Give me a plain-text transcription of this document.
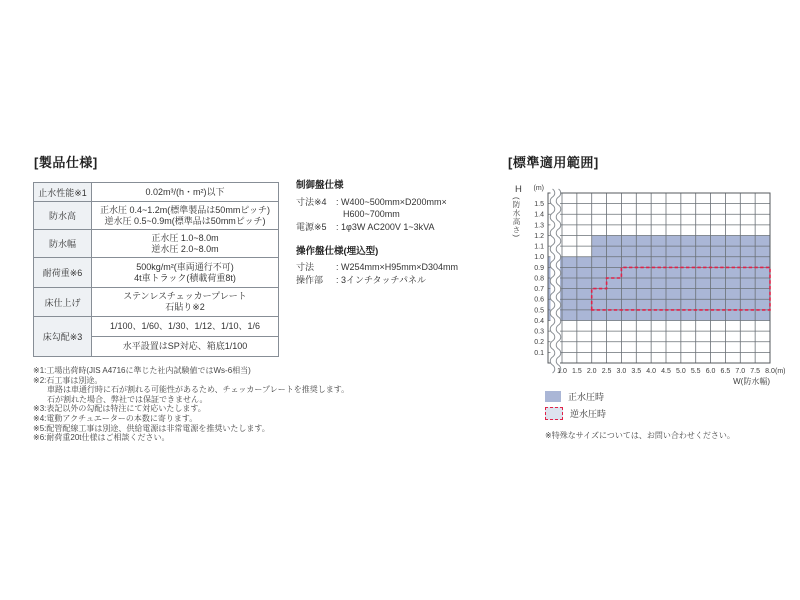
[製品仕様]
止水性能※1	0.02m³/(h・m²)以下

防水高	正水圧 0.4~1.2m(標準製品は50mmピッチ)
逆水圧 0.5~0.9m(標準品は50mmピッチ)

防水幅	正水圧 1.0~8.0m
逆水圧 2.0~8.0m

耐荷重※6	500kg/m²(車両通行不可)
4t車トラック(積載荷重8t)

床仕上げ	ステンレスチェッカープレート
石貼り※2

床勾配※3	1/100、1/60、1/30、1/12、1/10、1/6

	水平設置はSP対応、箱底1/100
※1:工場出荷時(JIS A4716に準じた社内試験値ではWs-6相当)
※2:石工事は別途。
車路は車通行時に石が割れる可能性があるため、チェッカープレートを推奨します。
石が割れた場合、弊社では保証できません。
※3:表記以外の勾配は特注にて対応いたします。
※4:電動アクチュエーターの本数に寄ります。
※5:配管配線工事は別途、供給電源は非常電源を推奨いたします。
※6:耐荷重20t仕様はご相談ください。
制御盤仕様
寸法※4	: W400~500mm×D200mm×
H600~700mm
電源※5	: 1φ3W AC200V 1~3kVA
操作盤仕様(埋込型)
寸法	: W254mm×H95mm×D304mm
操作部	: 3インチタッチパネル
[標準適用範囲]
H
(防水高さ)
0.1
0.2
0.3
0.4
0.5
0.6
0.7
0.8
0.9
1.0
1.1
1.2
1.3
1.4
1.5
(m)
1.0 1.5 2.0 2.5 3.0 3.5 4.0 4.5 5.0 5.5 6.0 6.5 7.0 7.5 8.0 (m)
W(防水幅)
正水圧時
逆水圧時
※特殊なサイズについては、お問い合わせください。
